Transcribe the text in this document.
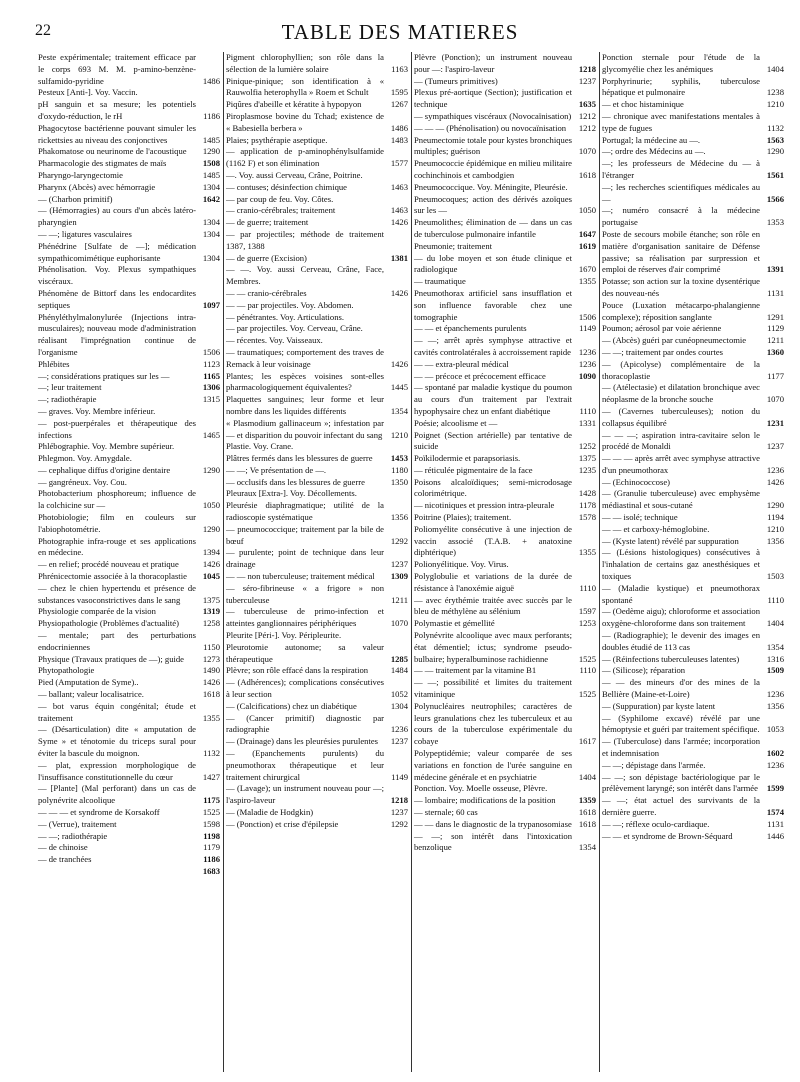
22	TABLE DES MATIERES
Peste expérimentale; traitement efficace par le corps 693 M. M. p-amino-benzène-sulfamido-pyridine	1486
Pesteux [Anti-]. Voy. Vaccin.
pH sanguin et sa mesure; les potentiels d'oxydo-réduction, le rH	1186
Phagocytose bactérienne pouvant simuler les rickettsies au niveau des conjonctives	1485
Phakomatose ou neurinome de l'acoustique	1290
Pharmacologie des stigmates de maïs	1508
Pharyngo-laryngectomie	1485
Pharynx (Abcès) avec hémorragie	1304
— (Charbon primitif)	1642
— (Hémorragies) au cours d'un abcès latéro-pharyngien	1304
— —; ligatures vasculaires	1304
Phénédrine [Sulfate de —]; médication sympathicomimétique euphorisante	1304
Phénolisation. Voy. Plexus sympathiques viscéraux.
Phénomène de Bittorf dans les endocardites septiques	1097
Phényléthylmalonylurée (Injections intra-musculaires); nouveau mode d'administration réalisant l'imprégnation continue de l'organisme	1506
Phlébites	1123
—; considérations pratiques sur les —	1165
—; leur traitement	1306
—; radiothérapie	1315
— graves. Voy. Membre inférieur.
— post-puerpérales et thérapeutique des infections	1465
Phlébographie. Voy. Membre supérieur.
Phlegmon. Voy. Amygdale.
— cephalique diffus d'origine dentaire	1290
— gangréneux. Voy. Cou.
Photobacterium phosphoreum; influence de la colchicine sur —	1050
Photobiologie; film en couleurs sur l'abiophotométrie.	1290
Photographie infra-rouge et ses applications en médecine.	1394
— en relief; procédé nouveau et pratique	1426
Phrénicectomie associée à la thoracoplastie	1045
— chez le chien hypertendu et présence de substances vasoconstrictives dans le sang	1375
Physiologie comparée de la vision	1319
Physiopathologie (Problèmes d'actualité)	1258
— mentale; part des perturbations endocriniennes	1150
Physique (Travaux pratiques de —); guide	1273
Phytopathologie	1490
Pied (Amputation de Syme)..	1426
— ballant; valeur localisatrice.	1618
— bot varus équin congénital; étude et traitement	1355
— (Désarticulation) dite « amputation de Syme » et ténotomie du triceps sural pour éviter la bascule du moignon.	1132
— plat, expression morphologique de l'insuffisance constitutionnelle du cœur	1427
— [Plante] (Mal perforant) dans un cas de polynévrite alcoolique	1175
— — — et syndrome de Korsakoff	1525
— (Verrue), traitement	1598
— —; radiothérapie	1198
— de chinoise	1179
— de tranchées	1186
1683
Pigment chlorophyllien; son rôle dans la sélection de la lumière solaire	1163
Pinique-pinique; son identification à « Rauwolfia heterophylla » Roem et Schult	1595
Piqûres d'abeille et kératite à hypopyon	1267
Piroplasmose bovine du Tchad; existence de « Babesiella berbera »	1486
Plaies; psythérapie aseptique.	1483
— application de p-aminophénylsulfamide (1162 F) et son élimination	1577
—. Voy. aussi Cerveau, Crâne, Poitrine.
— contuses; désinfection chimique	1463
— par coup de feu. Voy. Côtes.
— cranio-cérébrales; traitement	1463
— de guerre; traitement	1426
— par projectiles; méthode de traitement 1387, 1388
— de guerre (Excision)	1381
— —. Voy. aussi Cerveau, Crâne, Face, Membres.
— — cranio-cérébrales	1426
— — par projectiles. Voy. Abdomen.
— pénétrantes. Voy. Articulations.
— par projectiles. Voy. Cerveau, Crâne.
— récentes. Voy. Vaisseaux.
— traumatiques; comportement des traves de Remack à leur voisinage	1426
Plantes; les espèces voisines sont-elles pharmacologiquement équivalentes?	1445
Plaquettes sanguines; leur forme et leur nombre dans les liquides différents	1354
« Plasmodium gallinaceum »; infestation par — et disparition du pouvoir infectant du sang 1210
Plastie. Voy. Crane.
Plâtres fermés dans les blessures de guerre	1453
— —; Ve présentation de —.	1180
— occlusifs dans les blessures de guerre	1350
Pleuraux [Extra-]. Voy. Décollements.
Pleurésie diaphragmatique; utilité de la radioscopie systématique	1356
— pneumococcique; traitement par la bile de bœuf	1292
— purulente; point de technique dans leur drainage	1237
— — non tuberculeuse; traitement médical	1309
— séro-fibrineuse « a frigore » non tuberculeuse	1211
— tuberculeuse de primo-infection et atteintes ganglionnaires périphériques	1070
Pleurite [Péri-]. Voy. Péripleurite.
Pleurotomie autonome; sa valeur thérapeutique	1285
Plèvre; son rôle effacé dans la respiration	1484
— (Adhérences); complications consécutives à leur section	1052
— (Calcifications) chez un diabétique	1304
— (Cancer primitif) diagnostic par radiographie	1236
— (Drainage) dans les pleurésies purulentes	1237
— (Epanchements purulents) du pneumothorax thérapeutique et leur traitement chirurgical	1149
— (Lavage); un instrument nouveau pour —; l'aspiro-laveur	1218
— (Maladie de Hodgkin)	1237
— (Ponction) et crise d'épilepsie	1292
Plèvre (Ponction); un instrument nouveau pour —: l'aspiro-laveur	1218
— (Tumeurs primitives)	1237
Plexus pré-aortique (Section); justification et technique	1635
— sympathiques viscéraux (Novocaïnisation) 1212
— — — (Phénolisation) ou novocaïnisation	1212
Pneumectomie totale pour kystes bronchiques multiples; guérison	1070
Pneumococcie épidémique en milieu militaire cochinchinois et cambodgien	1618
Pneumococcique. Voy. Méningite, Pleurésie.
Pneumocoques; action des dérivés azoïques sur les —	1050
Pneumolithes; élimination de — dans un cas de tuberculose pulmonaire infantile	1647
Pneumonie; traitement	1619
— du lobe moyen et son étude clinique et radiologique	1670
— traumatique	1355
Pneumothorax artificiel sans insufflation et son influence favorable chez une tomographie	1506
— — et épanchements purulents	1149
— —; arrêt après symphyse attractive et cavités controlatérales à accroissement rapide 1236
— — extra-pleural médical	1236
— — précoce et précocement efficace	1090
— spontané par maladie kystique du poumon au cours d'un traitement par l'extrait hypophysaire chez un enfant diabétique	1110
Poésie; alcoolisme et —	1331
Poignet (Section artérielle) par tentative de suicide	1252
Poïkilodermie et parapsoriasis.	1375
— réticulée pigmentaire de la face	1235
Poisons alcaloïdiques; semi-microdosage colorimétrique.	1428
— nicotiniques et pression intra-pleurale	1178
Poitrine (Plaies); traitement.	1578
Poliomyélite consécutive à une injection de vaccin associé (T.A.B. + anatoxine diphtérique)	1355
Polionyélitique. Voy. Virus.
Polyglobulie et variations de la durée de résistance à l'anoxémie aiguë	1110
— avec érythémie traitée avec succès par le bleu de méthylène au sélénium	1597
Polymastie et gémellité	1253
Polynévrite alcoolique avec maux perforants; état démentiel; ictus; syndrome pseudo-bulbaire; hyperalbuminose rachidienne	1525
— — traitement par la vitamine B1	1110
— —; possibilité et limites du traitement vitaminique	1525
Polynucléaires neutrophiles; caractères de leurs granulations chez les tuberculeux et au cours de la tuberculose expérimentale du cobaye	1617
Polypeptidémie; valeur comparée de ses variations en fonction de l'urée sanguine en médecine générale et en psychiatrie	1404
Ponction. Voy. Moelle osseuse, Plèvre.
— lombaire; modifications de la position	1359
— sternale; 60 cas	1618
— — dans le diagnostic de la trypanosomiase 1618
— —; son intérêt dans l'intoxication benzolique	1354
Ponction sternale pour l'étude de la glycomyélie chez les anémiques	1404
Porphyrinurie; syphilis, tuberculose hépatique et pulmonaire	1238
— et choc histaminique	1210
— chronique avec manifestations mentales à type de fugues	1132
Portugal; la médecine au —.	1563
—; ordre des Médecins au —.	1290
—; les professeurs de Médecine du — à l'étranger	1561
—; les recherches scientifiques médicales au —	1566
—; numéro consacré à la médecine portugaise	1353
Poste de secours mobile étanche; son rôle en matière d'organisation sanitaire de Défense passive; sa réalisation par surpression et emploi de réserves d'air comprimé	1391
Potasse; son action sur la toxine dysentérique des nouveau-nés	1131
Pouce (Luxation métacarpo-phalangienne complexe); réposition sanglante	1291
Poumon; aérosol par voie aérienne	1129
— (Abcès) guéri par cunéopneumectomie	1211
— —; traitement par ondes courtes	1360
— (Apicolyse) complémentaire de la thoracoplastie	1177
— (Atélectasie) et dilatation bronchique avec néoplasme de la bronche souche	1070
— (Cavernes tuberculeuses); notion du collapsus équilibré	1231
— — —; aspiration intra-cavitaire selon le procédé de Monaldi	1237
— — — après arrêt avec symphyse attractive d'un pneumothorax	1236
— (Echinococcose)	1426
— (Granulie tuberculeuse) avec emphysème médiastinal et sous-cutané	1290
— — isolé; technique	1194
— — et carboxy-hémoglobine.	1210
— (Kyste latent) révélé par suppuration	1356
— (Lésions histologiques) consécutives à l'inhalation de certains gaz anesthésiques et toxiques	1503
— (Maladie kystique) et pneumothorax spontané	1110
— (Oedème aigu); chloroforme et association oxygène-chloroforme dans son traitement	1404
— (Radiographie); le devenir des images en doubles étudié de 113 cas	1354
— (Réinfections tuberculeuses latentes)	1316
— (Silicose); réparation	1509
— — des mineurs d'or des mines de la Bellière (Maine-et-Loire)	1236
— (Suppuration) par kyste latent	1356
— (Syphilome excavé) révélé par une hémoptysie et guéri par traitement spécifique. 1053
— (Tuberculose) dans l'armée; incorporation et indemnisation	1602
— —; dépistage dans l'armée.	1236
— —; son dépistage bactériologique par le prélèvement laryngé; son intérêt dans l'armée	1599
— —; état actuel des survivants de la dernière guerre.	1574
— —; réflexe oculo-cardiaque.	1131
— — et syndrome de Brown-Séquard	1446
